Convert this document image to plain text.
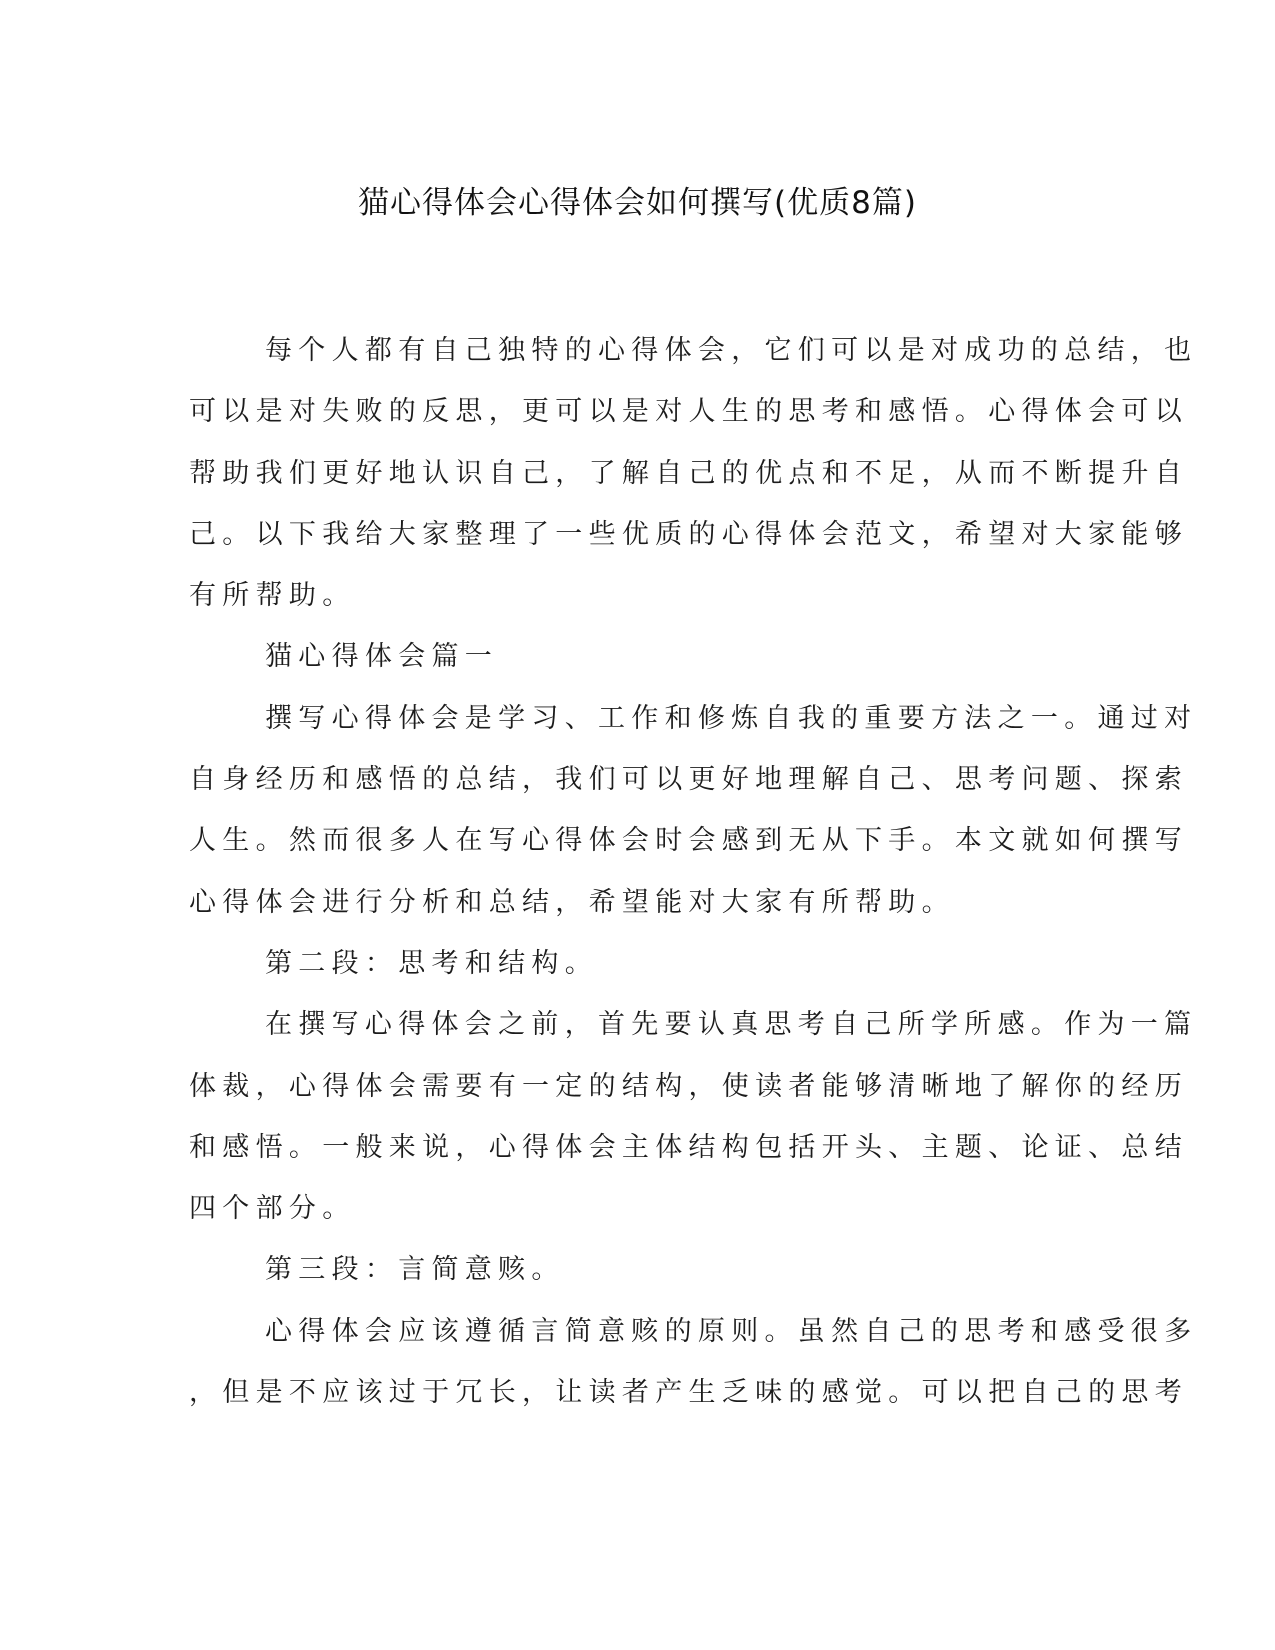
猫心得体会心得体会如何撰写(优质8篇)
每个人都有自己独特的心得体会，它们可以是对成功的总结，也
可以是对失败的反思，更可以是对人生的思考和感悟。心得体会可以
帮助我们更好地认识自己，了解自己的优点和不足，从而不断提升自
己。以下我给大家整理了一些优质的心得体会范文，希望对大家能够
有所帮助。
猫心得体会篇一
撰写心得体会是学习、工作和修炼自我的重要方法之一。通过对
自身经历和感悟的总结，我们可以更好地理解自己、思考问题、探索
人生。然而很多人在写心得体会时会感到无从下手。本文就如何撰写
心得体会进行分析和总结，希望能对大家有所帮助。
第二段：思考和结构。
在撰写心得体会之前，首先要认真思考自己所学所感。作为一篇
体裁，心得体会需要有一定的结构，使读者能够清晰地了解你的经历
和感悟。一般来说，心得体会主体结构包括开头、主题、论证、总结
四个部分。
第三段：言简意赅。
心得体会应该遵循言简意赅的原则。虽然自己的思考和感受很多
，但是不应该过于冗长，让读者产生乏味的感觉。可以把自己的思考
